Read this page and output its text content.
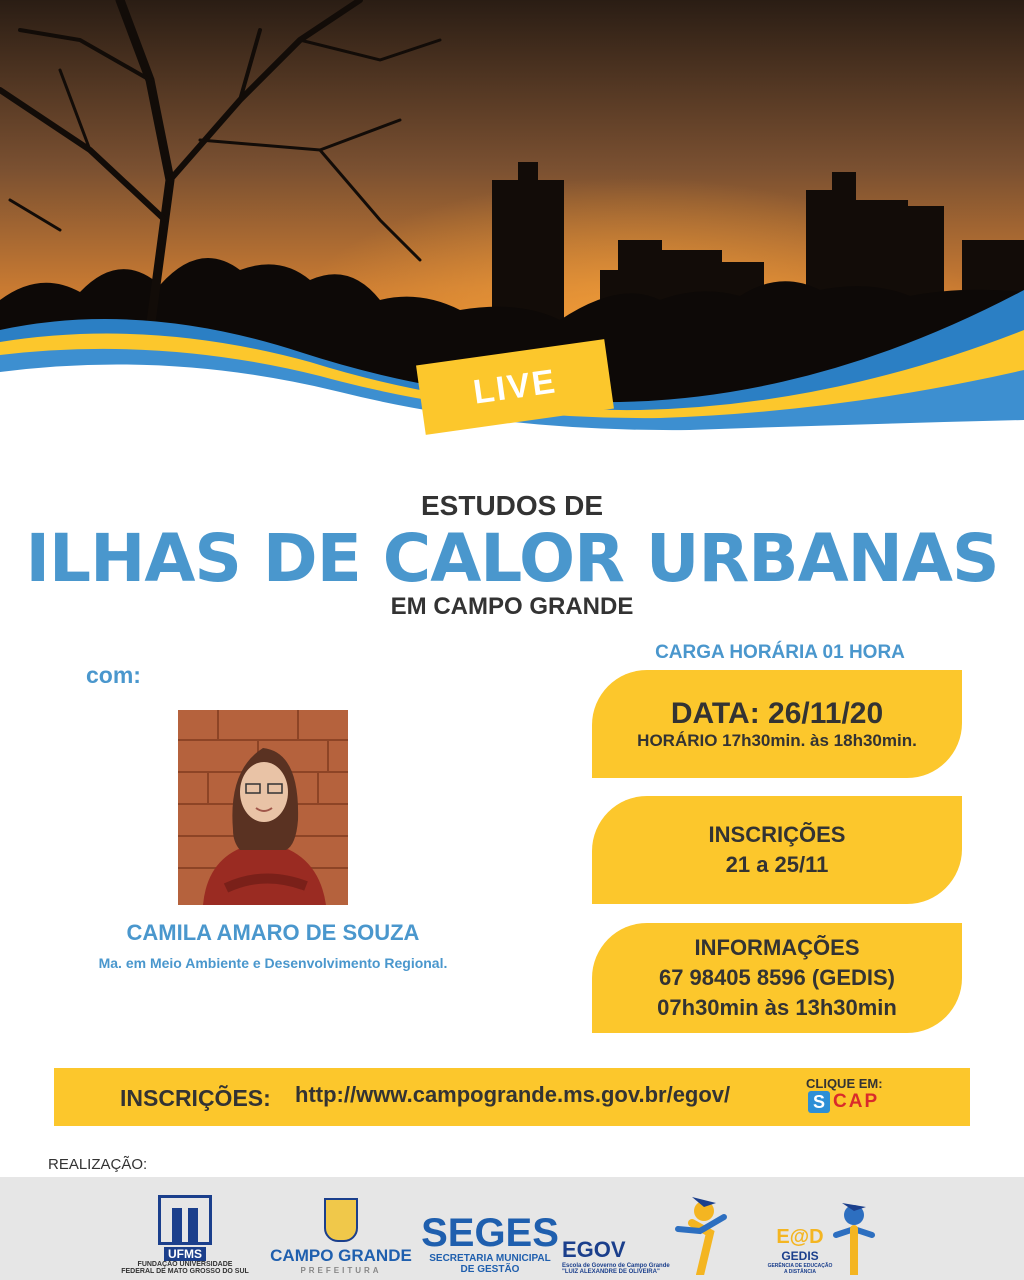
LIVE
ESTUDOS DE
ILHAS DE CALOR URBANAS
EM CAMPO GRANDE
com:
CAMILA AMARO DE SOUZA
Ma. em Meio Ambiente e Desenvolvimento Regional.
CARGA HORÁRIA 01 HORA
DATA: 26/11/20
HORÁRIO 17h30min. às 18h30min.
INSCRIÇÕES
21 a 25/11
INFORMAÇÕES
67 98405 8596 (GEDIS)
07h30min às 13h30min
INSCRIÇÕES: http://www.campogrande.ms.gov.br/egov/	CLIQUE EM:
S CAP
REALIZAÇÃO:
UFMS
FUNDAÇÃO UNIVERSIDADE
FEDERAL DE MATO GROSSO DO SUL
CAMPO GRANDE
PREFEITURA
SEGES
SECRETARIA MUNICIPAL
DE GESTÃO
EGOV
Escola de Governo de Campo Grande
"LUIZ ALEXANDRE DE OLIVEIRA"
E@D
GEDIS
GERÊNCIA DE EDUCAÇÃO
A DISTÂNCIA
